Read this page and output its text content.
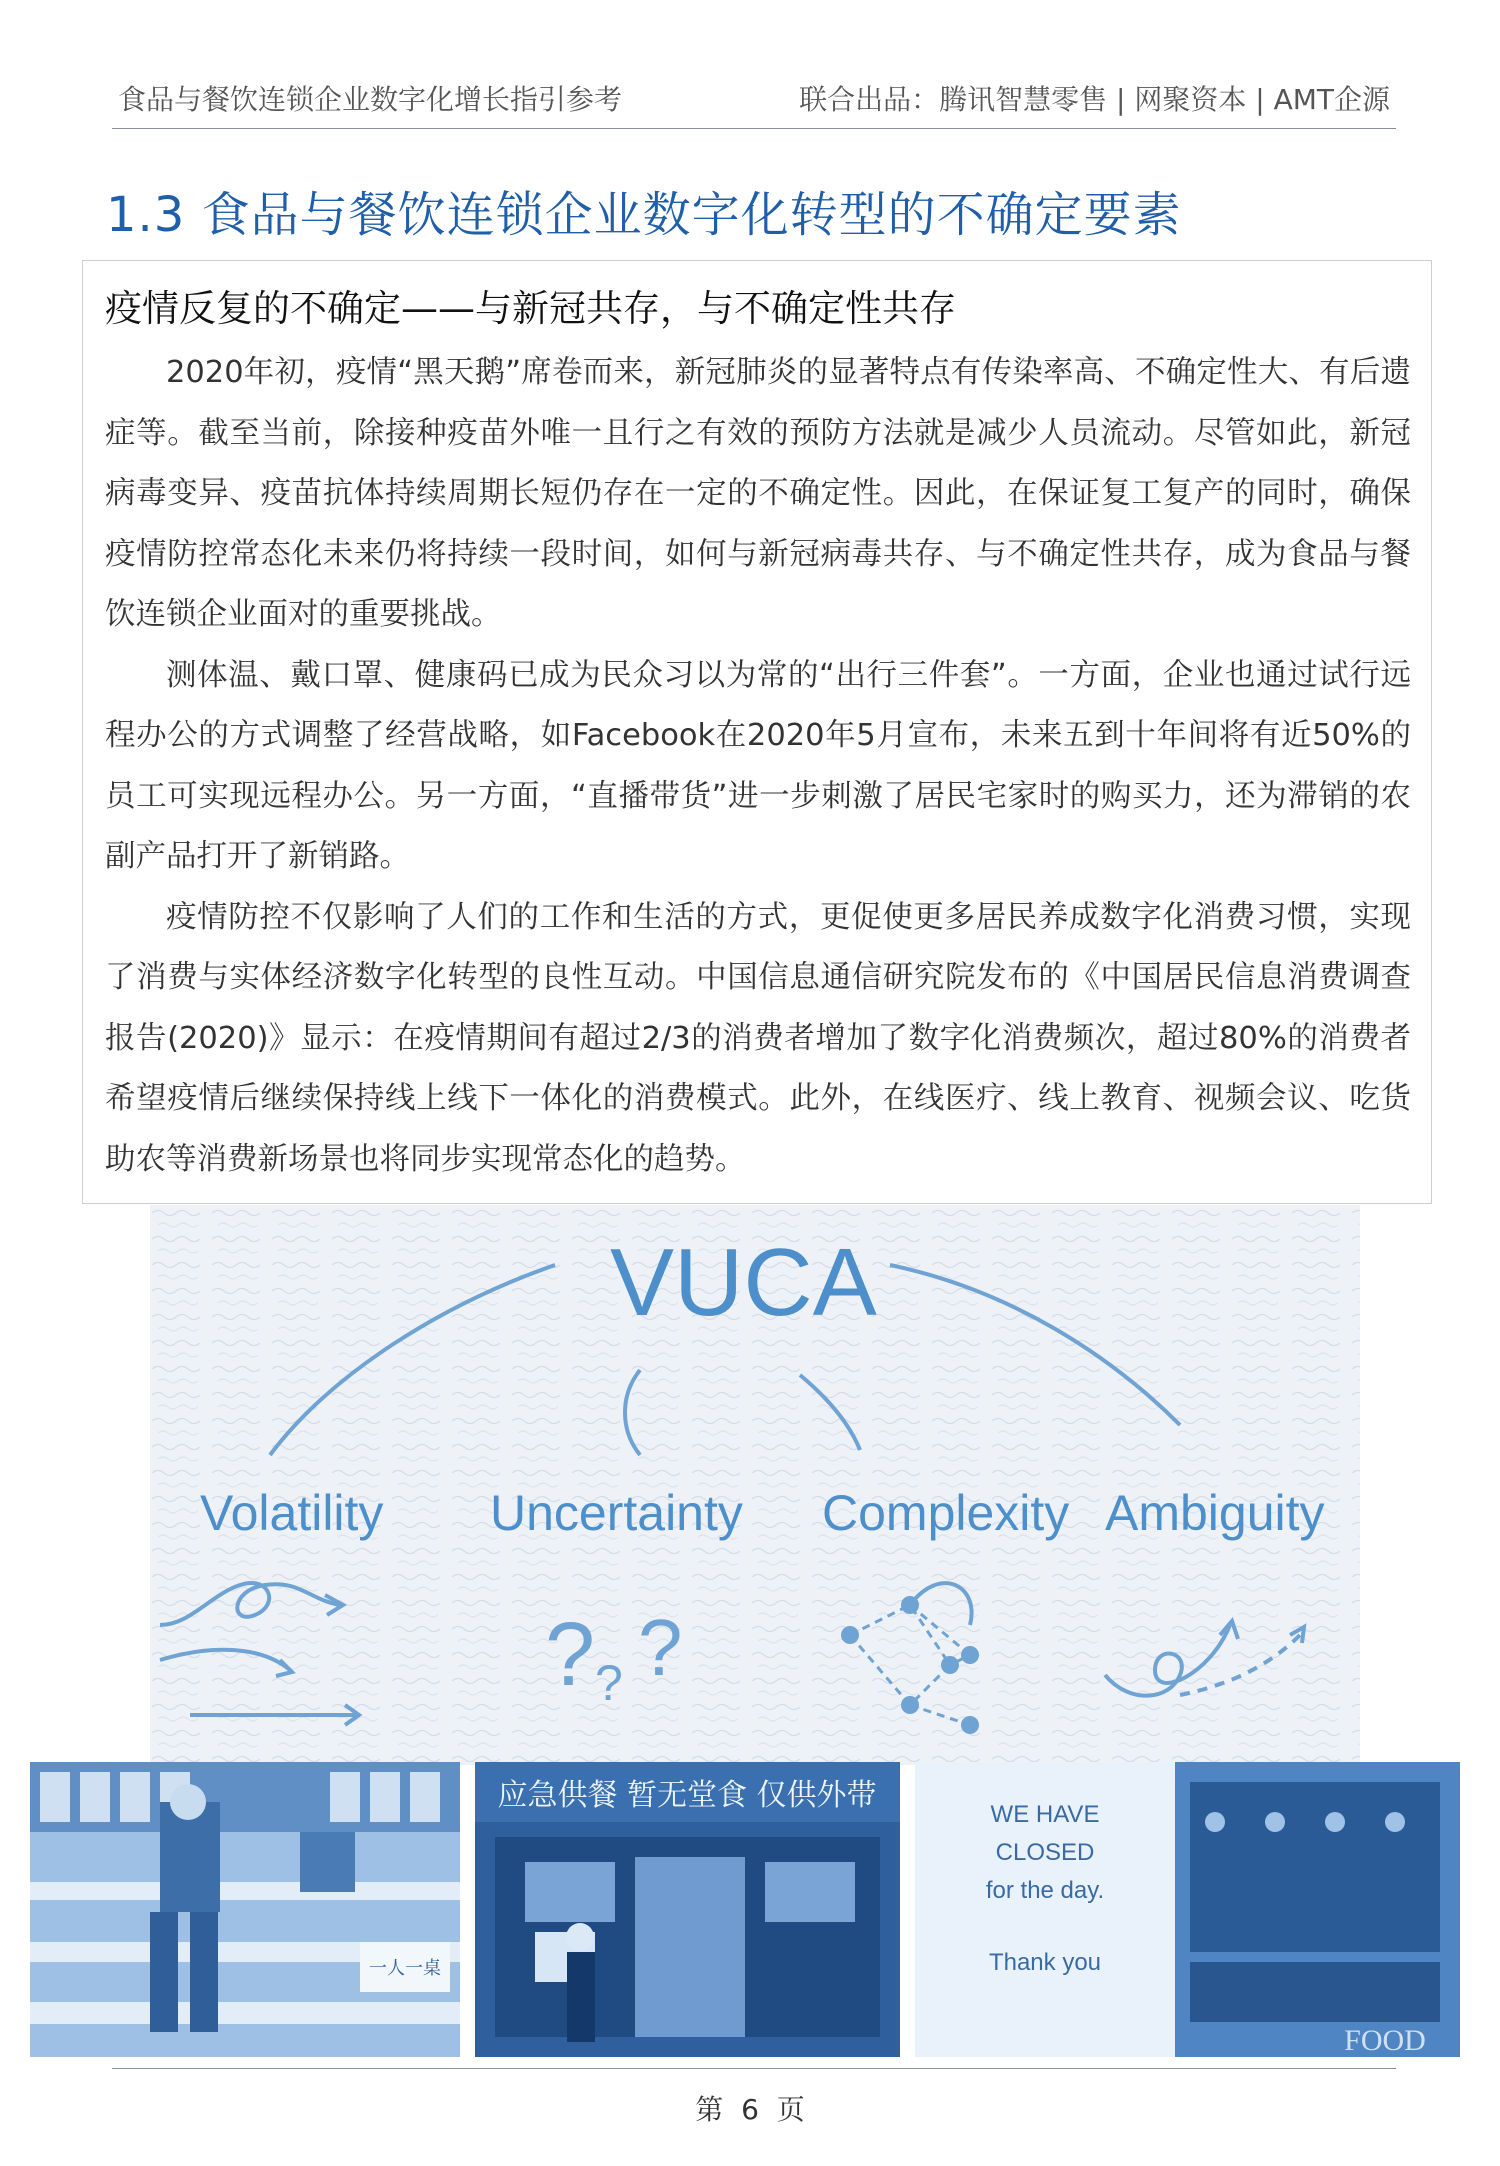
食品与餐饮连锁企业数字化增长指引参考	联合出品：腾讯智慧零售 | 网聚资本 | AMT企源
1.3 食品与餐饮连锁企业数字化转型的不确定要素
疫情反复的不确定——与新冠共存，与不确定性共存

2020年初，疫情“黑天鹅”席卷而来，新冠肺炎的显著特点有传染率高、不确定性大、有后遗症等。截至当前，除接种疫苗外唯一且行之有效的预防方法就是减少人员流动。尽管如此，新冠病毒变异、疫苗抗体持续周期长短仍存在一定的不确定性。因此，在保证复工复产的同时，确保疫情防控常态化未来仍将持续一段时间，如何与新冠病毒共存、与不确定性共存，成为食品与餐饮连锁企业面对的重要挑战。

测体温、戴口罩、健康码已成为民众习以为常的“出行三件套”。一方面，企业也通过试行远程办公的方式调整了经营战略，如Facebook在2020年5月宣布，未来五到十年间将有近50%的员工可实现远程办公。另一方面，“直播带货”进一步刺激了居民宅家时的购买力，还为滞销的农副产品打开了新销路。

疫情防控不仅影响了人们的工作和生活的方式，更促使更多居民养成数字化消费习惯，实现了消费与实体经济数字化转型的良性互动。中国信息通信研究院发布的《中国居民信息消费调查报告(2020)》显示：在疫情期间有超过2/3的消费者增加了数字化消费频次，超过80%的消费者希望疫情后继续保持线上线下一体化的消费模式。此外，在线医疗、线上教育、视频会议、吃货助农等消费新场景也将同步实现常态化的趋势。

VUCA
Volatility Uncertainty Complexity Ambiguity
? ? ?
一人一桌
应急供餐 暂无堂食 仅供外带
WE HAVE
CLOSED
for the day.
Thank you
FOOD
第  6  页
